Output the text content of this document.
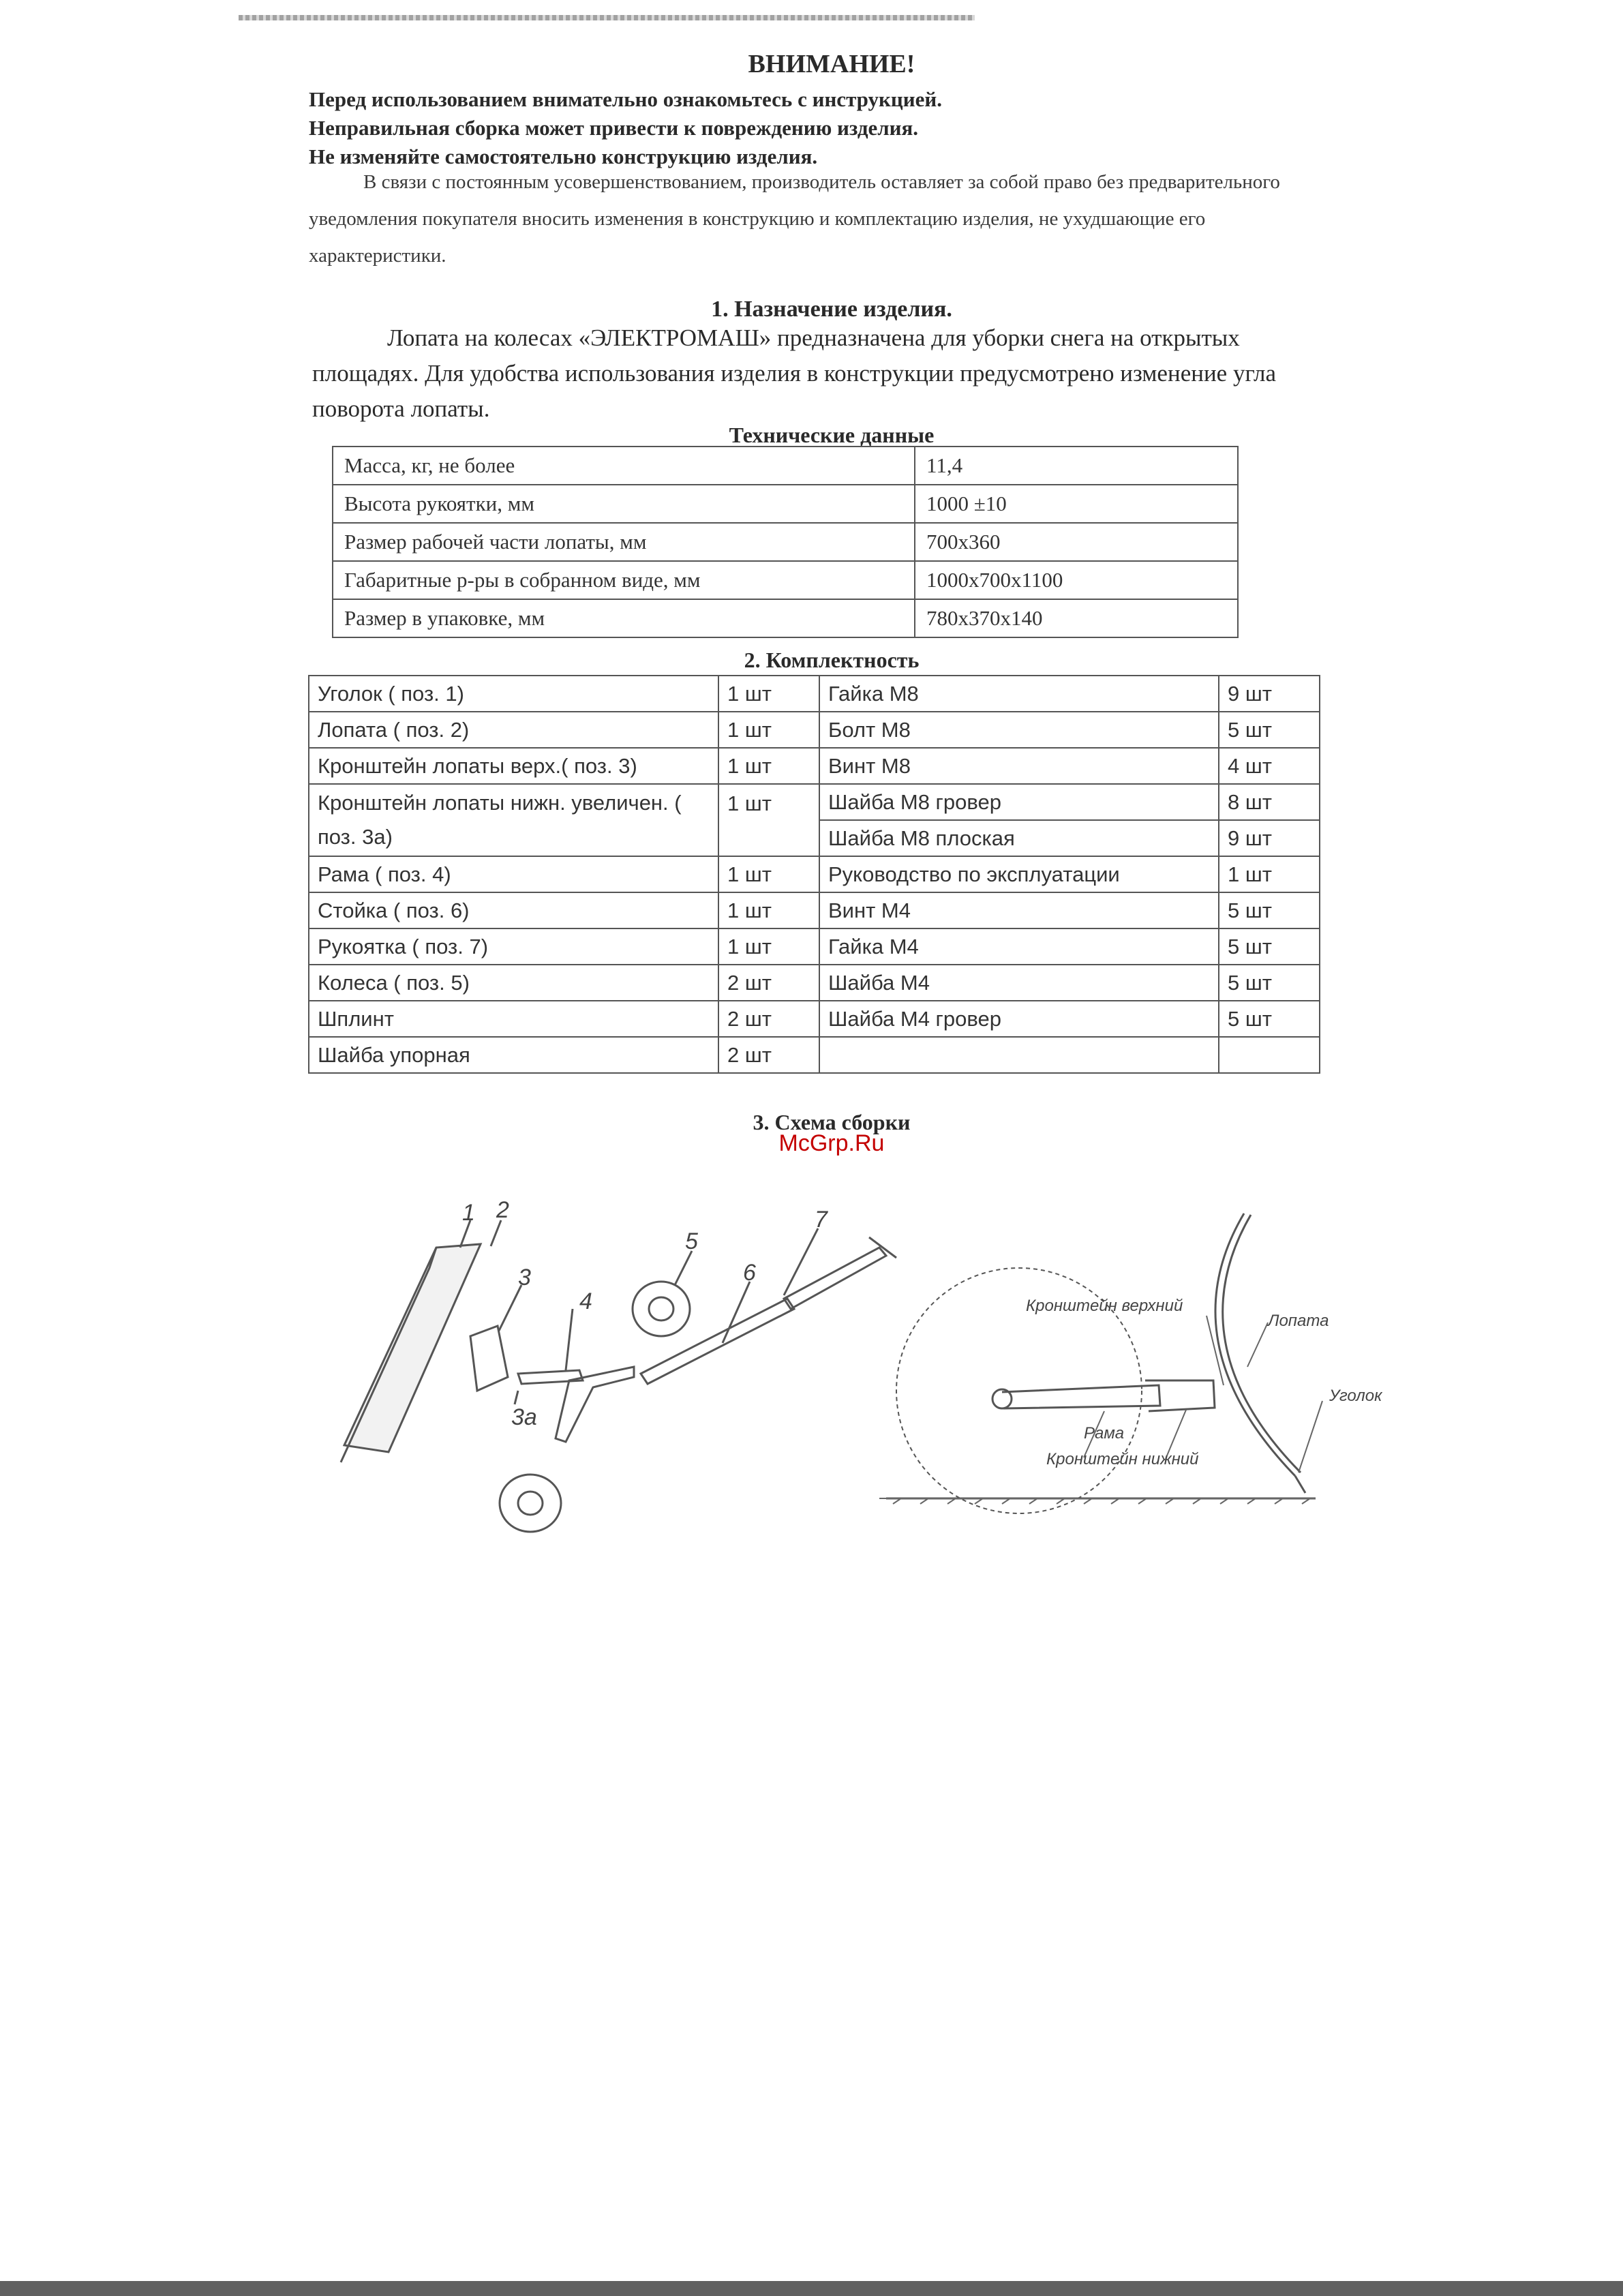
ВНИМАНИЕ!
Перед использованием внимательно ознакомьтесь с инструкцией.
Неправильная сборка может привести к повреждению изделия.
Не изменяйте самостоятельно конструкцию изделия.
В связи с постоянным усовершенствованием, производитель оставляет за собой право без предварительного уведомления покупателя вносить изменения в конструкцию и комплектацию изделия, не ухудшающие его характеристики.
1. Назначение изделия.
Лопата на колесах «ЭЛЕКТРОМАШ» предназначена для уборки снега на открытых площадях. Для удобства использования изделия в конструкции предусмотрено изменение угла поворота лопаты.
Технические данные
Масса, кг, не более	11,4
Высота рукоятки, мм	1000 ±10
Размер рабочей части лопаты, мм	700x360
Габаритные р-ры в собранном виде, мм	1000x700x1100
Размер в упаковке, мм	780x370x140
2. Комплектность
Уголок ( поз. 1)	1 шт	Гайка М8	9 шт
Лопата ( поз. 2)	1 шт	Болт М8	5 шт
Кронштейн лопаты верх.( поз. 3)	1 шт	Винт М8	4 шт
Кронштейн лопаты нижн. увеличен. ( поз. 3а)	1 шт	Шайба М8 гровер	8 шт
		Шайба М8 плоская	9 шт
Рама ( поз. 4)	1 шт	Руководство по эксплуатации	1 шт
Стойка ( поз. 6)	1 шт	Винт М4	5 шт
Рукоятка ( поз. 7)	1 шт	Гайка М4	5 шт
Колеса ( поз. 5)	2 шт	Шайба М4	5 шт
Шплинт	2 шт	Шайба М4 гровер	5 шт
Шайба упорная	2 шт		
3. Схема сборки
McGrp.Ru
1 2
3
3а
4
5
6
7
Кронштейн верхний
Лопата
Уголок
Рама
Кронштейн нижний
